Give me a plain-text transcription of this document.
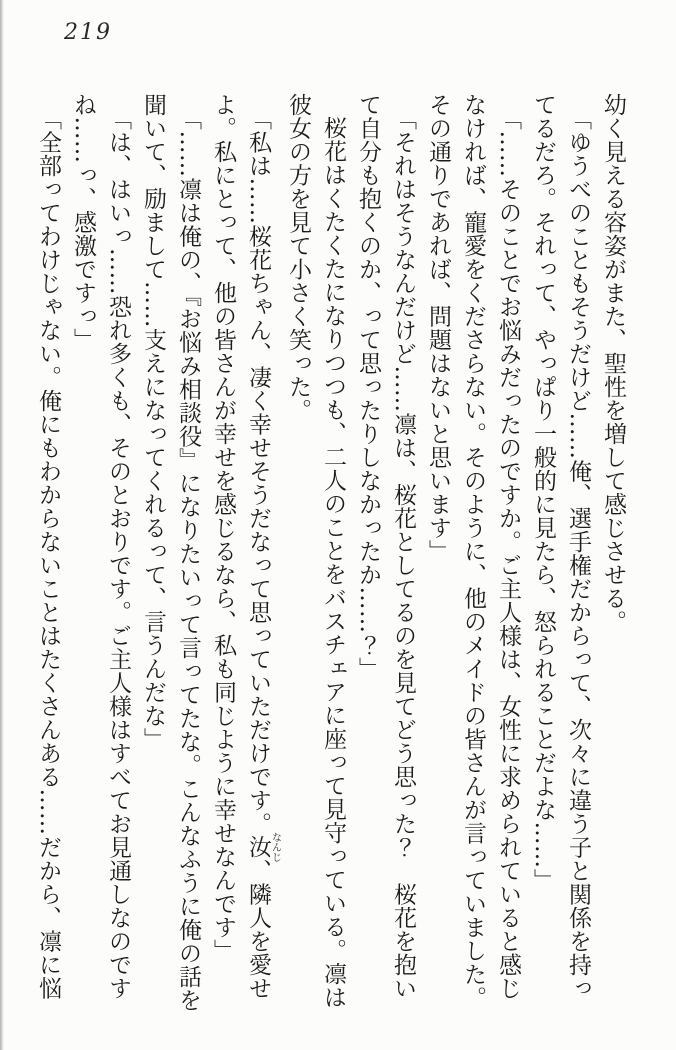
219

幼く見える容姿がまた、聖性を増して感じさせる。

「ゆうべのこともそうだけど……俺、選手権だからって、次々に違う子と関係を持ってるだろ。それって、やっぱり一般的に見たら、怒られることだよな……」

「……そのことでお悩みだったのですか。ご主人様は、女性に求められていると感じなければ、寵愛をくださらない。そのように、他のメイドの皆さんが言っていました。その通りであれば、問題はないと思います」

「それはそうなんだけど……凛は、桜花としてるのを見てどう思った？　桜花を抱いて自分も抱くのか、って思ったりしなかったか……？」

桜花はくたくたになりつつも、二人のことをバスチェアに座って見守っている。凛は彼女の方を見て小さく笑った。

「私は……桜花ちゃん、凄く幸せそうだなって思っていただけです。汝なんじ、隣人を愛せよ。私にとって、他の皆さんが幸せを感じるなら、私も同じように幸せなんです」

「……凛は俺の、『お悩み相談役』になりたいって言ってたな。こんなふうに俺の話を聞いて、励まして……支えになってくれるって、言うんだな」

「は、はいっ……恐れ多くも、そのとおりです。ご主人様はすべてお見通しなのですね……っ、感激ですっ」

「全部ってわけじゃない。俺にもわからないことはたくさんある……だから、凛に悩
